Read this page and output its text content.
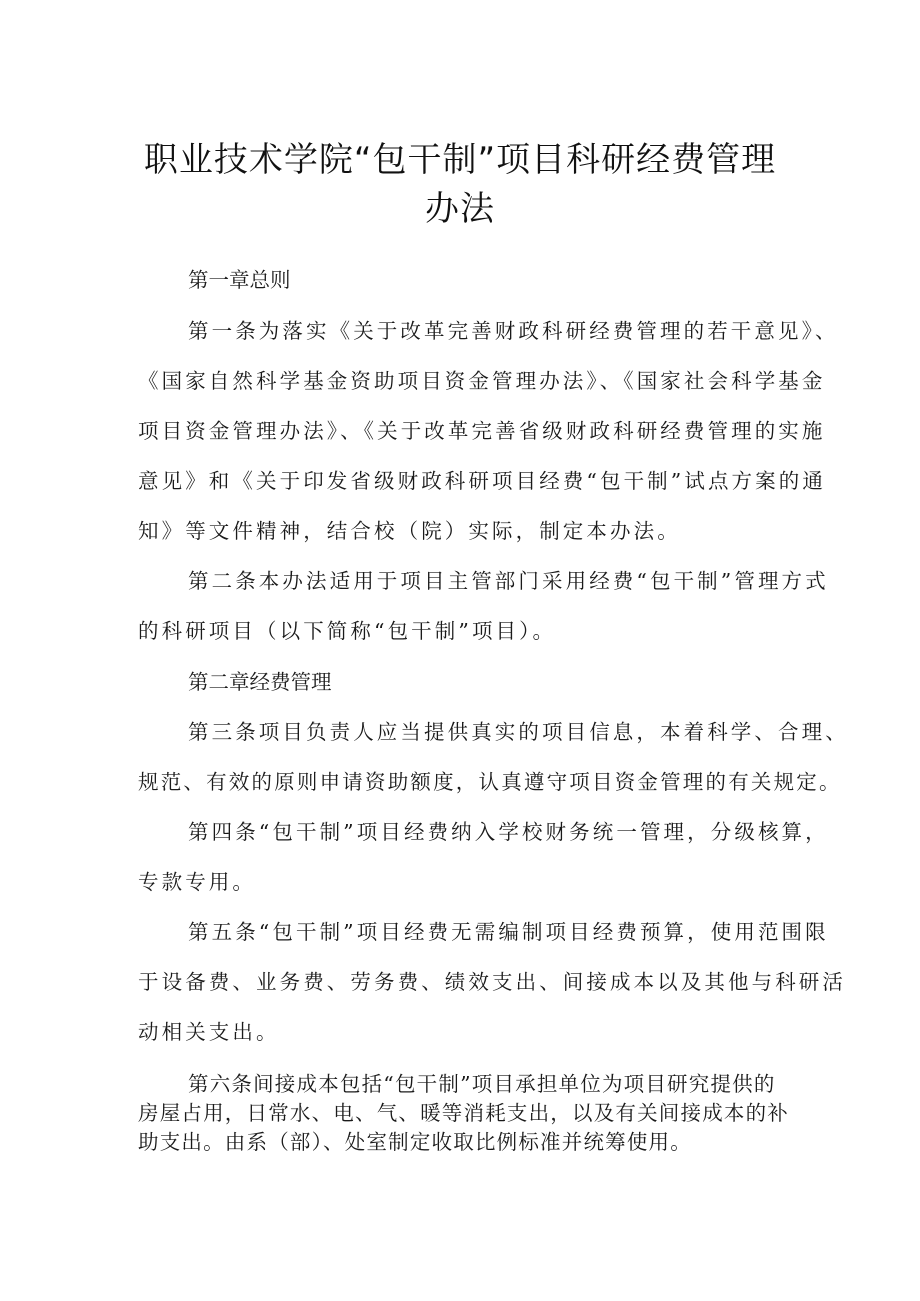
职业技术学院“包干制”项目科研经费管理
办法
第一章总则
第一条为落实《关于改革完善财政科研经费管理的若干意见》、
《国家自然科学基金资助项目资金管理办法》、《国家社会科学基金
项目资金管理办法》、《关于改革完善省级财政科研经费管理的实施
意见》和《关于印发省级财政科研项目经费“包干制”试点方案的通
知》等文件精神，结合校（院）实际，制定本办法。
第二条本办法适用于项目主管部门采用经费“包干制”管理方式
的科研项目（以下简称“包干制”项目）。
第二章经费管理
第三条项目负责人应当提供真实的项目信息，本着科学、合理、
规范、有效的原则申请资助额度，认真遵守项目资金管理的有关规定。
第四条“包干制”项目经费纳入学校财务统一管理，分级核算，
专款专用。
第五条“包干制”项目经费无需编制项目经费预算，使用范围限
于设备费、业务费、劳务费、绩效支出、间接成本以及其他与科研活
动相关支出。
第六条间接成本包括“包干制”项目承担单位为项目研究提供的
房屋占用，日常水、电、气、暖等消耗支出，以及有关间接成本的补
助支出。由系（部）、处室制定收取比例标准并统筹使用。
